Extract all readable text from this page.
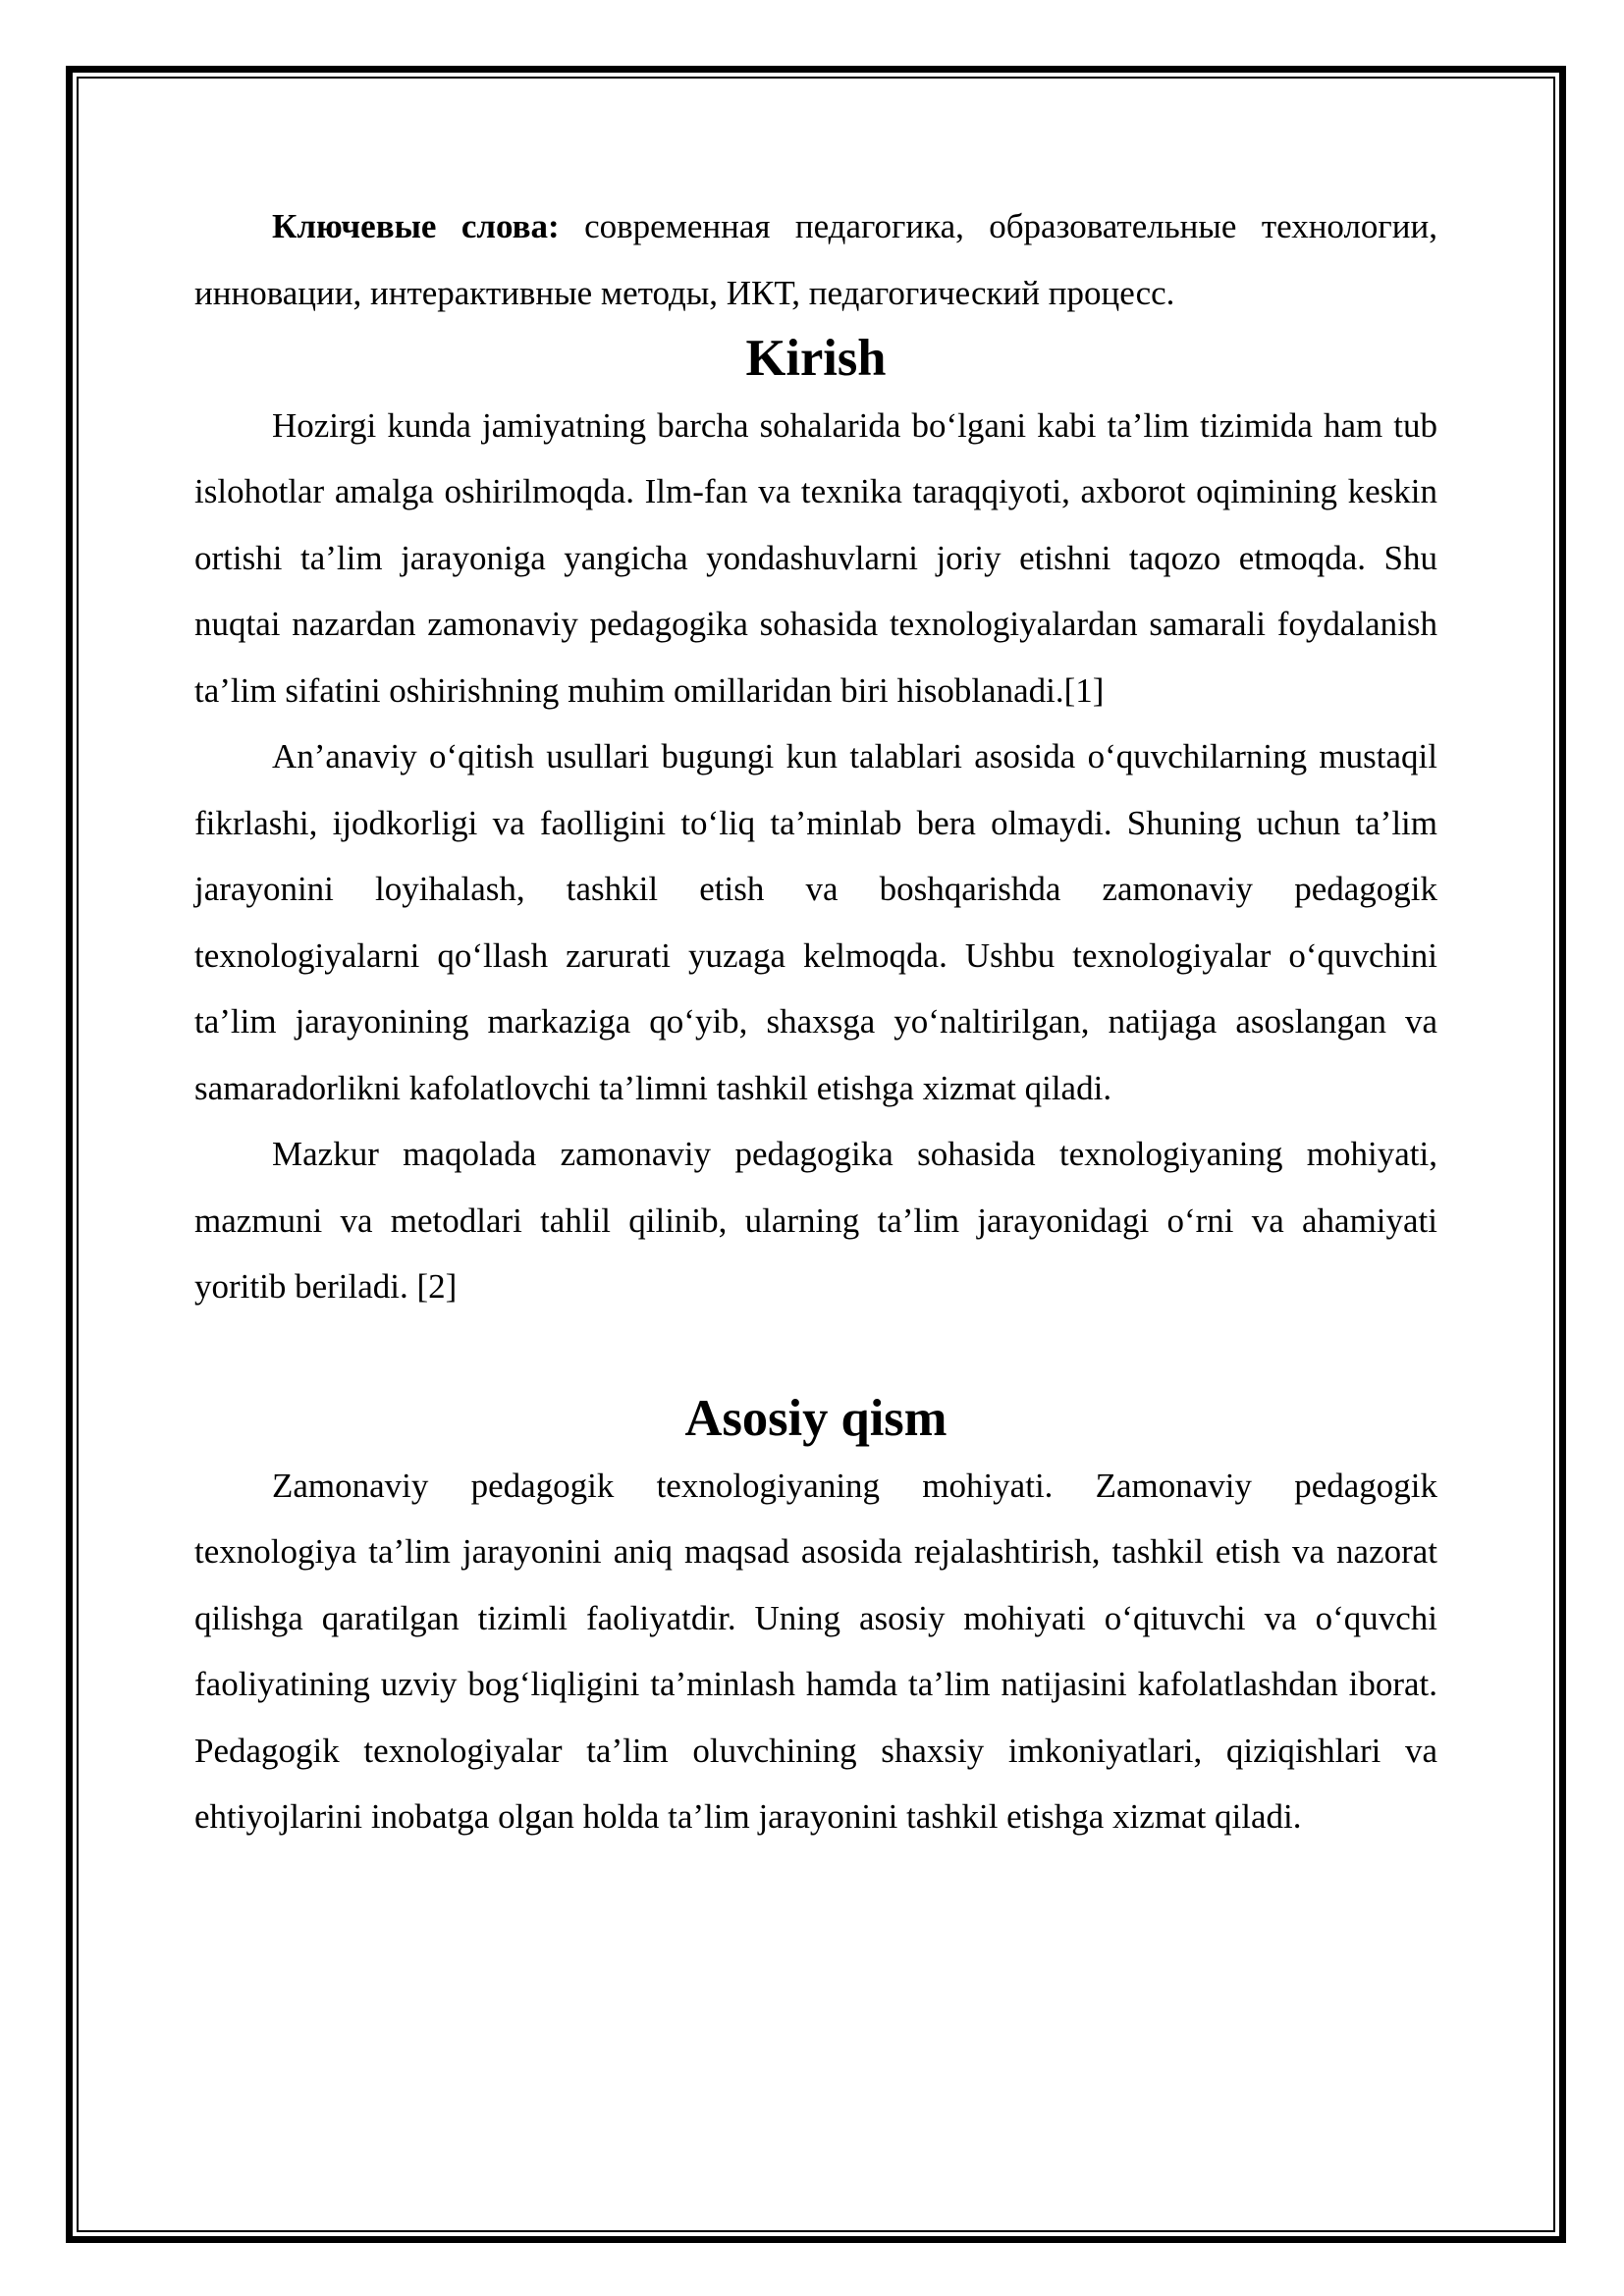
Ключевые слова: современная педагогика, образовательные технологии, инновации, интерактивные методы, ИКТ, педагогический процесс.

Kirish

Hozirgi kunda jamiyatning barcha sohalarida bo‘lgani kabi ta’lim tizimida ham tub islohotlar amalga oshirilmoqda. Ilm-fan va texnika taraqqiyoti, axborot oqimining keskin ortishi ta’lim jarayoniga yangicha yondashuvlarni joriy etishni taqozo etmoqda. Shu nuqtai nazardan zamonaviy pedagogika sohasida texnologiyalardan samarali foydalanish ta’lim sifatini oshirishning muhim omillaridan biri hisoblanadi.[1]

An’anaviy o‘qitish usullari bugungi kun talablari asosida o‘quvchilarning mustaqil fikrlashi, ijodkorligi va faolligini to‘liq ta’minlab bera olmaydi. Shuning uchun ta’lim jarayonini loyihalash, tashkil etish va boshqarishda zamonaviy pedagogik texnologiyalarni qo‘llash zarurati yuzaga kelmoqda. Ushbu texnologiyalar o‘quvchini ta’lim jarayonining markaziga qo‘yib, shaxsga yo‘naltirilgan, natijaga asoslangan va samaradorlikni kafolatlovchi ta’limni tashkil etishga xizmat qiladi.

Mazkur maqolada zamonaviy pedagogika sohasida texnologiyaning mohiyati, mazmuni va metodlari tahlil qilinib, ularning ta’lim jarayonidagi o‘rni va ahamiyati yoritib beriladi. [2]

Asosiy qism

Zamonaviy pedagogik texnologiyaning mohiyati. Zamonaviy pedagogik texnologiya ta’lim jarayonini aniq maqsad asosida rejalashtirish, tashkil etish va nazorat qilishga qaratilgan tizimli faoliyatdir. Uning asosiy mohiyati o‘qituvchi va o‘quvchi faoliyatining uzviy bog‘liqligini ta’minlash hamda ta’lim natijasini kafolatlashdan iborat. Pedagogik texnologiyalar ta’lim oluvchining shaxsiy imkoniyatlari, qiziqishlari va ehtiyojlarini inobatga olgan holda ta’lim jarayonini tashkil etishga xizmat qiladi.
